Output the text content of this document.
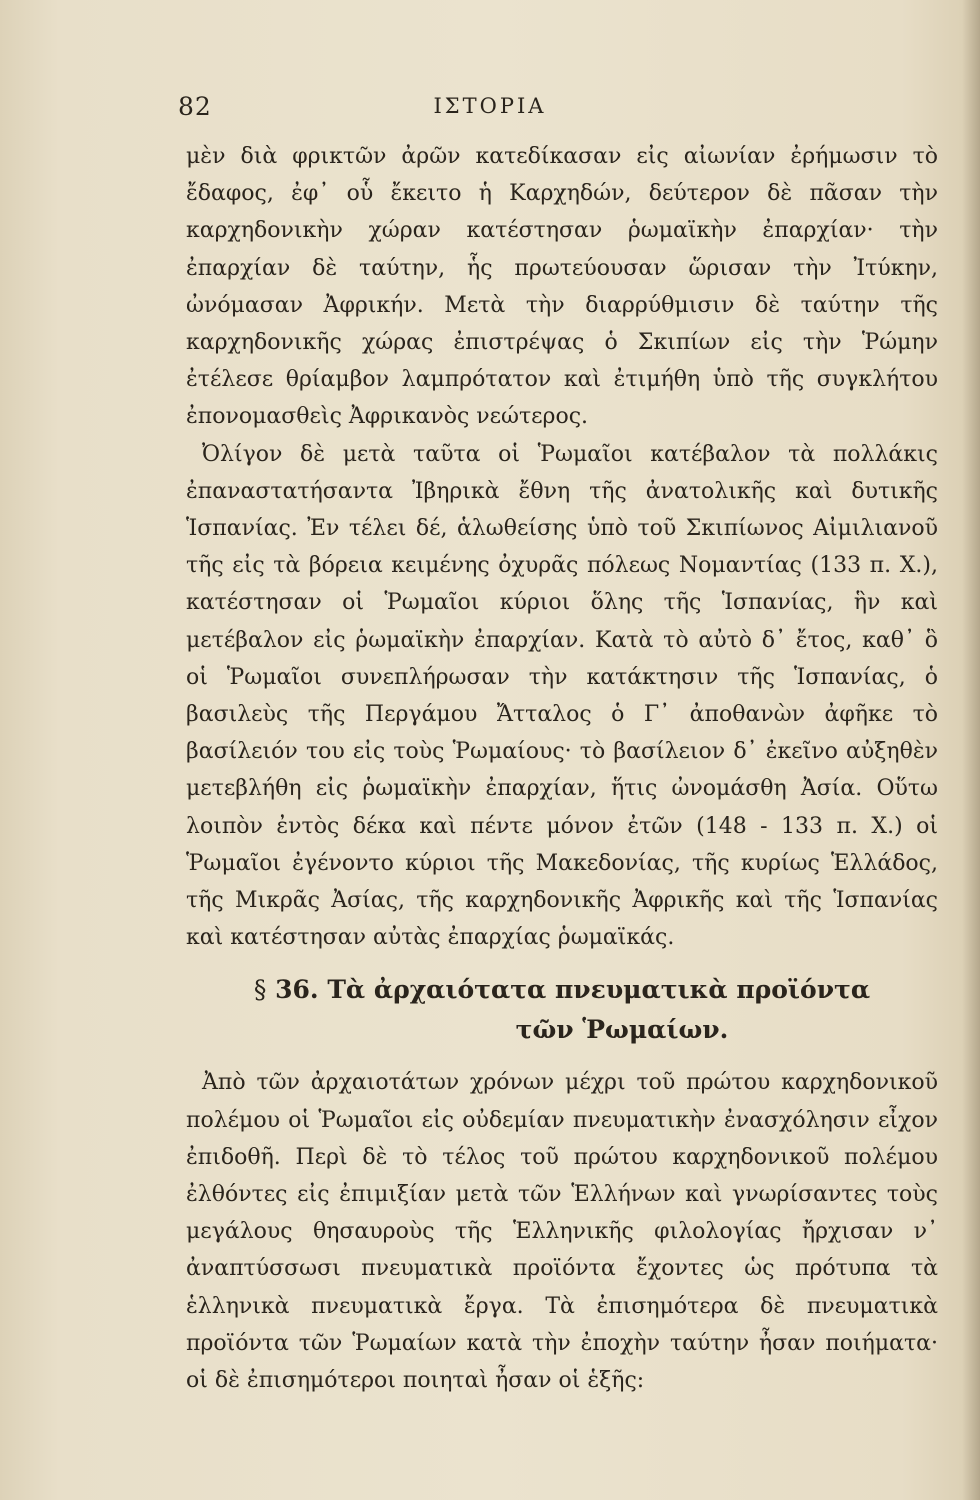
82	ΙΣΤΟΡΙΑ

μὲν διὰ φρικτῶν ἀρῶν κατεδίκασαν εἰς αἰωνίαν ἐρήμωσιν τὸ ἔδαφος, ἐφ᾽ οὗ ἔκειτο ἡ Καρχηδών, δεύτερον δὲ πᾶσαν τὴν καρχηδονικὴν χώραν κατέστησαν ῥωμαϊκὴν ἐπαρχίαν· τὴν ἐπαρχίαν δὲ ταύτην, ἧς πρωτεύουσαν ὥρισαν τὴν Ἰτύκην, ὠνόμασαν Ἀφρικήν. Μετὰ τὴν διαρρύθμισιν δὲ ταύτην τῆς καρχηδονικῆς χώρας ἐπιστρέψας ὁ Σκιπίων εἰς τὴν Ῥώμην ἐτέλεσε θρίαμβον λαμπρότατον καὶ ἐτιμήθη ὑπὸ τῆς συγκλήτου ἐπονομασθεὶς Ἀφρικανὸς νεώτερος.

Ὀλίγον δὲ μετὰ ταῦτα οἱ Ῥωμαῖοι κατέβαλον τὰ πολλάκις ἐπαναστατήσαντα Ἰβηρικὰ ἔθνη τῆς ἀνατολικῆς καὶ δυτικῆς Ἱσπανίας. Ἐν τέλει δέ, ἁλωθείσης ὑπὸ τοῦ Σκιπίωνος Αἰμιλιανοῦ τῆς εἰς τὰ βόρεια κειμένης ὀχυρᾶς πόλεως Νομαντίας (133 π. Χ.), κατέστησαν οἱ Ῥωμαῖοι κύριοι ὅλης τῆς Ἱσπανίας, ἣν καὶ μετέβαλον εἰς ῥωμαϊκὴν ἐπαρχίαν. Κατὰ τὸ αὐτὸ δ᾽ ἔτος, καθ᾽ ὃ οἱ Ῥωμαῖοι συνεπλήρωσαν τὴν κατάκτησιν τῆς Ἱσπανίας, ὁ βασιλεὺς τῆς Περγάμου Ἄτταλος ὁ Γ᾽ ἀποθανὼν ἀφῆκε τὸ βασίλειόν του εἰς τοὺς Ῥωμαίους· τὸ βασίλειον δ᾽ ἐκεῖνο αὐξηθὲν μετεβλήθη εἰς ῥωμαϊκὴν ἐπαρχίαν, ἥτις ὠνομάσθη Ἀσία. Οὕτω λοιπὸν ἐντὸς δέκα καὶ πέντε μόνον ἐτῶν (148 - 133 π. Χ.) οἱ Ῥωμαῖοι ἐγένοντο κύριοι τῆς Μακεδονίας, τῆς κυρίως Ἑλλάδος, τῆς Μικρᾶς Ἀσίας, τῆς καρχηδονικῆς Ἀφρικῆς καὶ τῆς Ἱσπανίας καὶ κατέστησαν αὐτὰς ἐπαρχίας ῥωμαϊκάς.

§ 36. Τὰ ἀρχαιότατα πνευματικὰ προϊόντα
τῶν Ῥωμαίων.

Ἀπὸ τῶν ἀρχαιοτάτων χρόνων μέχρι τοῦ πρώτου καρχηδονικοῦ πολέμου οἱ Ῥωμαῖοι εἰς οὐδεμίαν πνευματικὴν ἐνασχόλησιν εἶχον ἐπιδοθῆ. Περὶ δὲ τὸ τέλος τοῦ πρώτου καρχηδονικοῦ πολέμου ἐλθόντες εἰς ἐπιμιξίαν μετὰ τῶν Ἑλλήνων καὶ γνωρίσαντες τοὺς μεγάλους θησαυροὺς τῆς Ἑλληνικῆς φιλολογίας ἤρχισαν ν᾽ ἀναπτύσσωσι πνευματικὰ προϊόντα ἔχοντες ὡς πρότυπα τὰ ἑλληνικὰ πνευματικὰ ἔργα. Τὰ ἐπισημότερα δὲ πνευματικὰ προϊόντα τῶν Ῥωμαίων κατὰ τὴν ἐποχὴν ταύτην ἦσαν ποιήματα· οἱ δὲ ἐπισημότεροι ποιηταὶ ἦσαν οἱ ἑξῆς:
